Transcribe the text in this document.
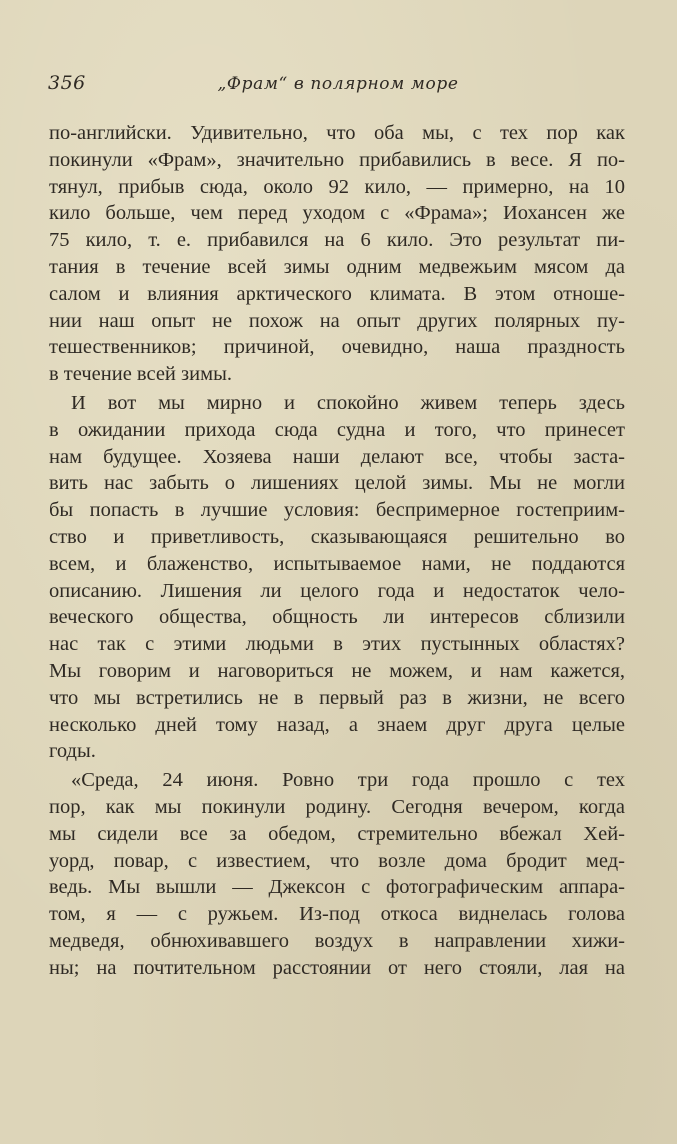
356	„Фрам“ в полярном море
по-английски. Удивительно, что оба мы, с тех пор как
покинули «Фрам», значительно прибавились в весе. Я по-
тянул, прибыв сюда, около 92 кило, — примерно, на 10
кило больше, чем перед уходом с «Фрама»; Иохансен же
75 кило, т. е. прибавился на 6 кило. Это результат пи-
тания в течение всей зимы одним медвежьим мясом да
салом и влияния арктического климата. В этом отноше-
нии наш опыт не похож на опыт других полярных пу-
тешественников; причиной, очевидно, наша праздность
в течение всей зимы.
И вот мы мирно и спокойно живем теперь здесь
в ожидании прихода сюда судна и того, что принесет
нам будущее. Хозяева наши делают все, чтобы заста-
вить нас забыть о лишениях целой зимы. Мы не могли
бы попасть в лучшие условия: беспримерное гостеприим-
ство и приветливость, сказывающаяся решительно во
всем, и блаженство, испытываемое нами, не поддаются
описанию. Лишения ли целого года и недостаток чело-
веческого общества, общность ли интересов сблизили
нас так с этими людьми в этих пустынных областях?
Мы говорим и наговориться не можем, и нам кажется,
что мы встретились не в первый раз в жизни, не всего
несколько дней тому назад, а знаем друг друга целые
годы.
«Среда, 24 июня. Ровно три года прошло с тех
пор, как мы покинули родину. Сегодня вечером, когда
мы сидели все за обедом, стремительно вбежал Хей-
уорд, повар, с известием, что возле дома бродит мед-
ведь. Мы вышли — Джексон с фотографическим аппара-
том, я — с ружьем. Из-под откоса виднелась голова
медведя, обнюхивавшего воздух в направлении хижи-
ны; на почтительном расстоянии от него стояли, лая на
